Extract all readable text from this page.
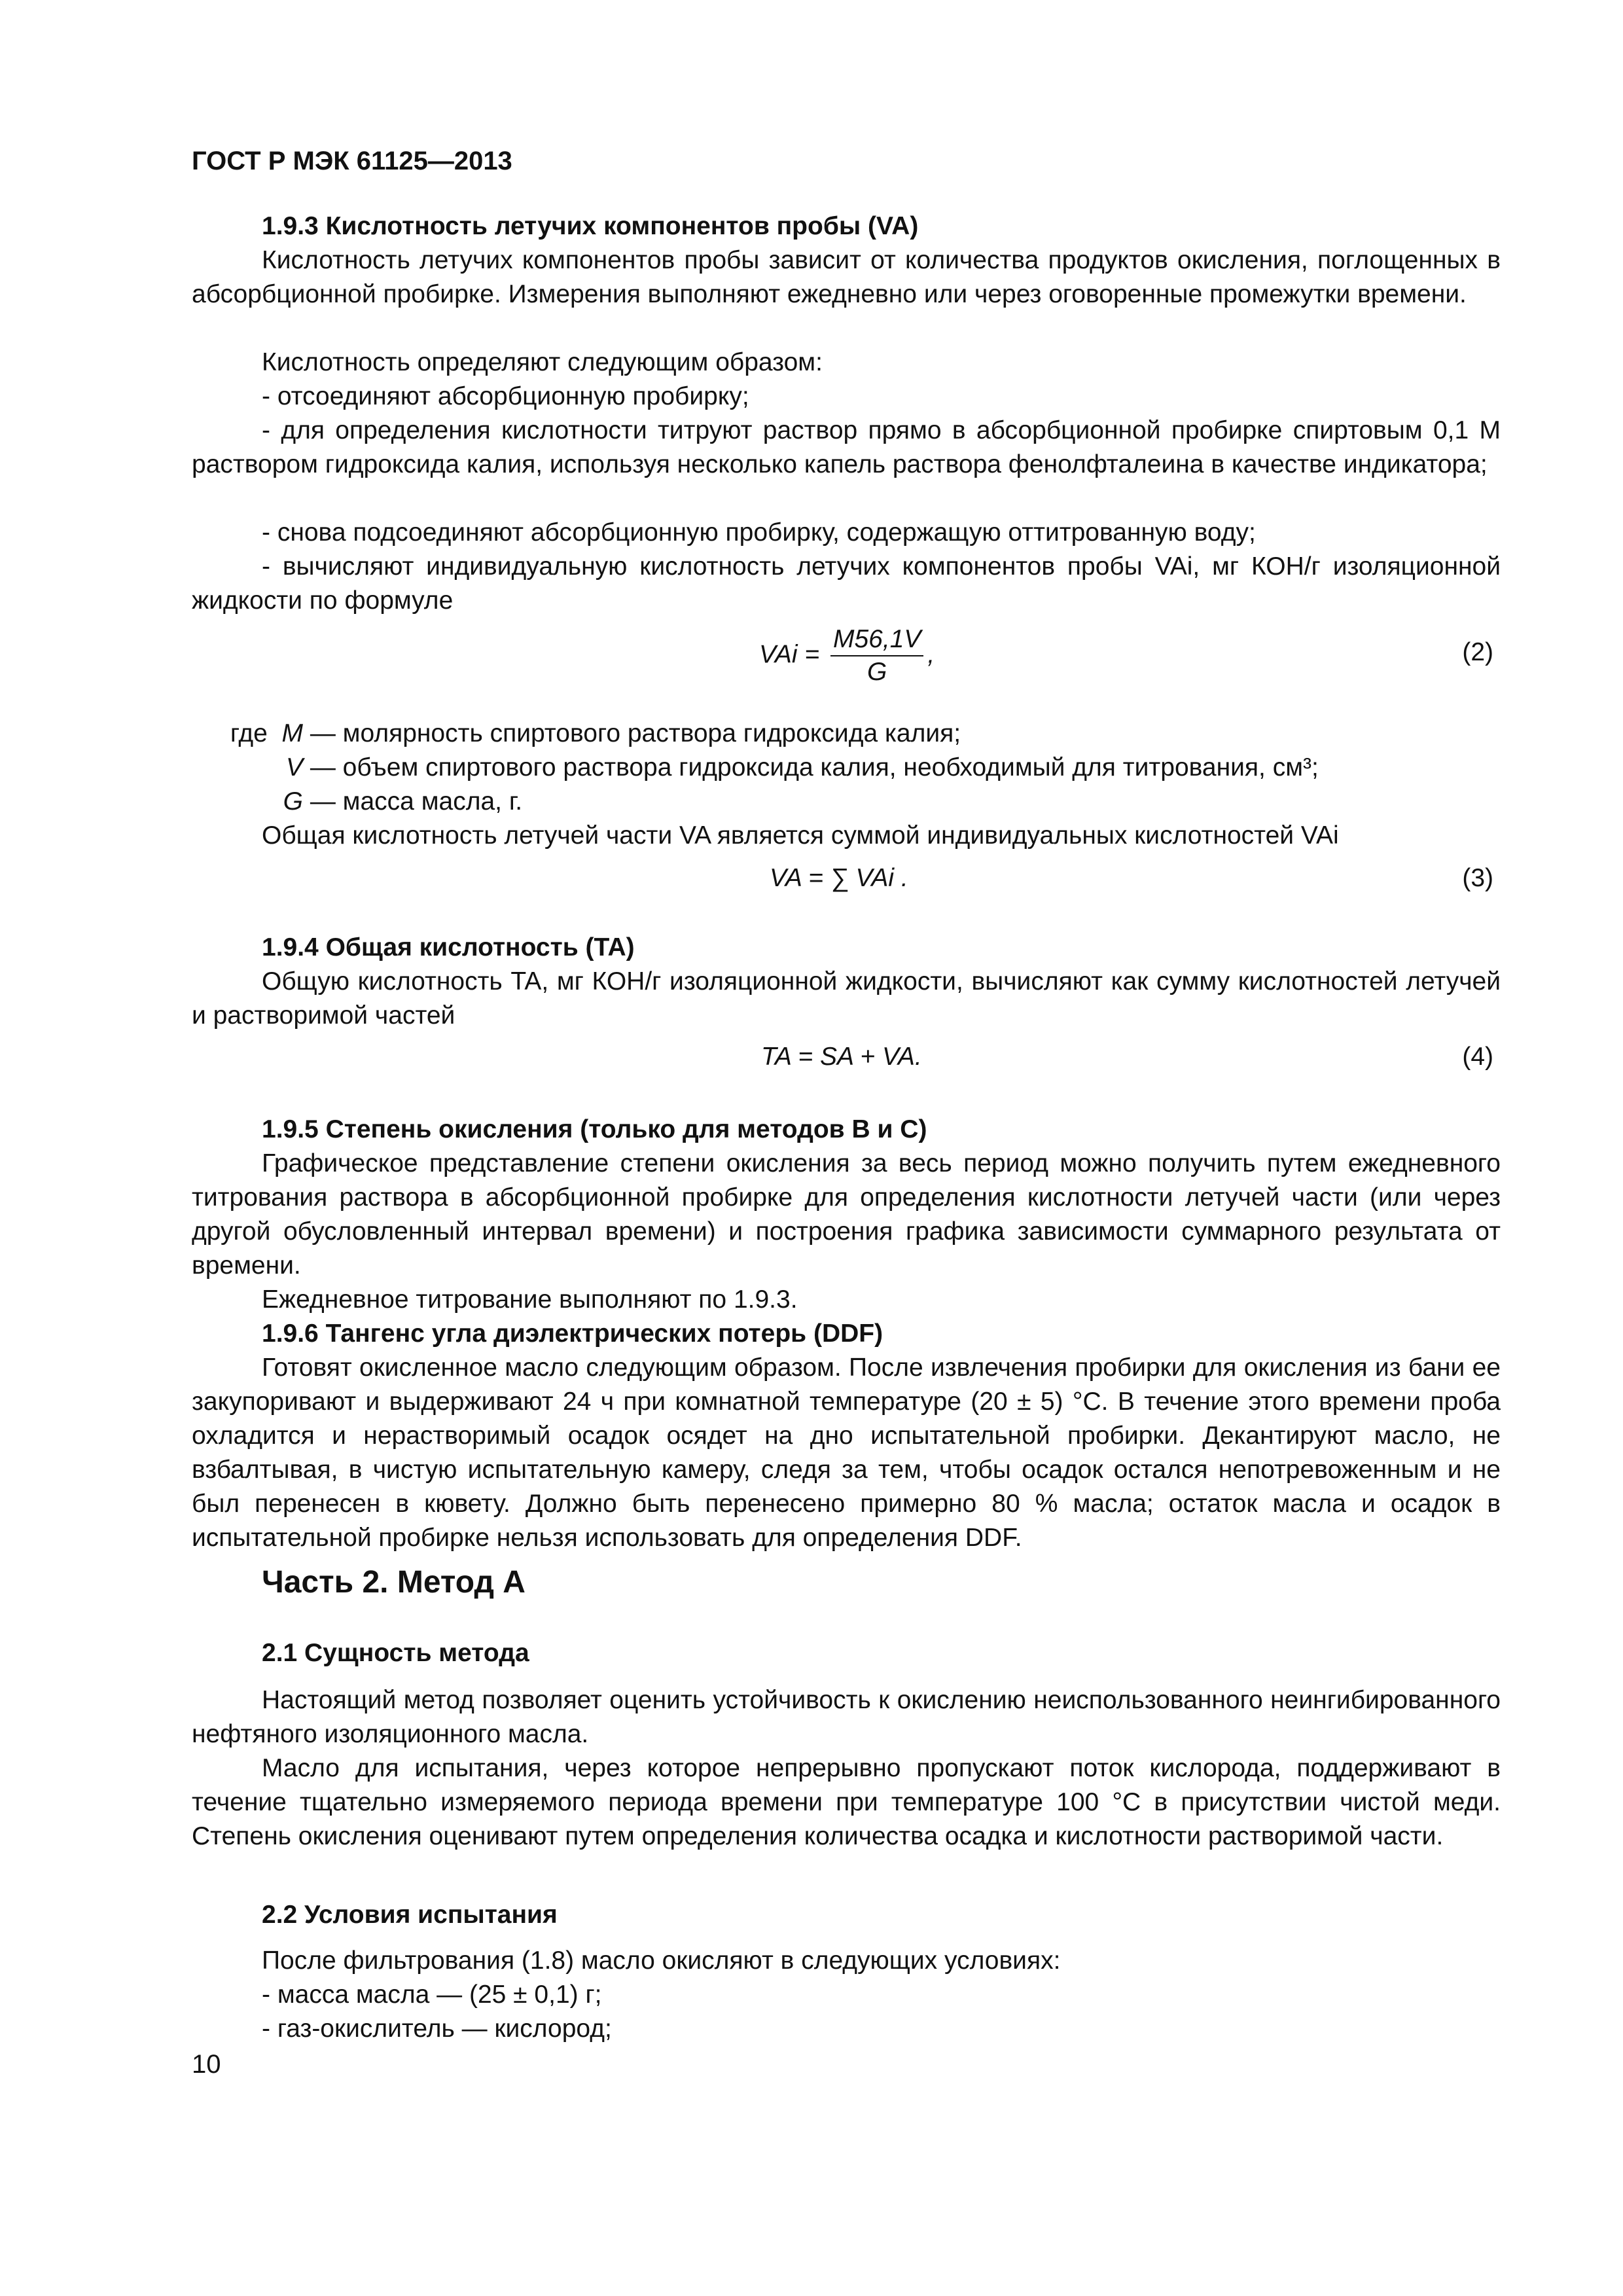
ГОСТ Р МЭК 61125—2013
1.9.3 Кислотность летучих компонентов пробы (VA)
Кислотность летучих компонентов пробы зависит от количества продуктов окисления, поглощенных в абсорбционной пробирке. Измерения выполняют ежедневно или через оговоренные промежутки времени.
Кислотность определяют следующим образом:
- отсоединяют абсорбционную пробирку;
- для определения кислотности титруют раствор прямо в абсорбционной пробирке спиртовым 0,1 М раствором гидроксида калия, используя несколько капель раствора фенолфталеина в качестве индикатора;
- снова подсоединяют абсорбционную пробирку, содержащую оттитрованную воду;
- вычисляют индивидуальную кислотность летучих компонентов пробы VAi, мг КОН/г изоляционной жидкости по формуле
VAi = $\frac{M56,1V}{G}$ ,	(2)
где M — молярность спиртового раствора гидроксида калия;
V — объем спиртового раствора гидроксида калия, необходимый для титрования, см³;
G — масса масла, г.
Общая кислотность летучей части VA является суммой индивидуальных кислотностей VAi
VA = ∑ VAi .	(3)
1.9.4 Общая кислотность (TA)
Общую кислотность TA, мг КОН/г изоляционной жидкости, вычисляют как сумму кислотностей летучей и растворимой частей
TA = SA + VA.	(4)
1.9.5 Степень окисления (только для методов В и С)
Графическое представление степени окисления за весь период можно получить путем ежедневного титрования раствора в абсорбционной пробирке для определения кислотности летучей части (или через другой обусловленный интервал времени) и построения графика зависимости суммарного результата от времени.
Ежедневное титрование выполняют по 1.9.3.
1.9.6 Тангенс угла диэлектрических потерь (DDF)
Готовят окисленное масло следующим образом. После извлечения пробирки для окисления из бани ее закупоривают и выдерживают 24 ч при комнатной температуре (20 ± 5) °С. В течение этого времени проба охладится и нерастворимый осадок осядет на дно испытательной пробирки. Декантируют масло, не взбалтывая, в чистую испытательную камеру, следя за тем, чтобы осадок остался непотревоженным и не был перенесен в кювету. Должно быть перенесено примерно 80 % масла; остаток масла и осадок в испытательной пробирке нельзя использовать для определения DDF.
Часть 2. Метод А
2.1 Сущность метода
Настоящий метод позволяет оценить устойчивость к окислению неиспользованного неингибированного нефтяного изоляционного масла.
Масло для испытания, через которое непрерывно пропускают поток кислорода, поддерживают в течение тщательно измеряемого периода времени при температуре 100 °С в присутствии чистой меди. Степень окисления оценивают путем определения количества осадка и кислотности растворимой части.
2.2 Условия испытания
После фильтрования (1.8) масло окисляют в следующих условиях:
- масса масла — (25 ± 0,1) г;
- газ-окислитель — кислород;
10
